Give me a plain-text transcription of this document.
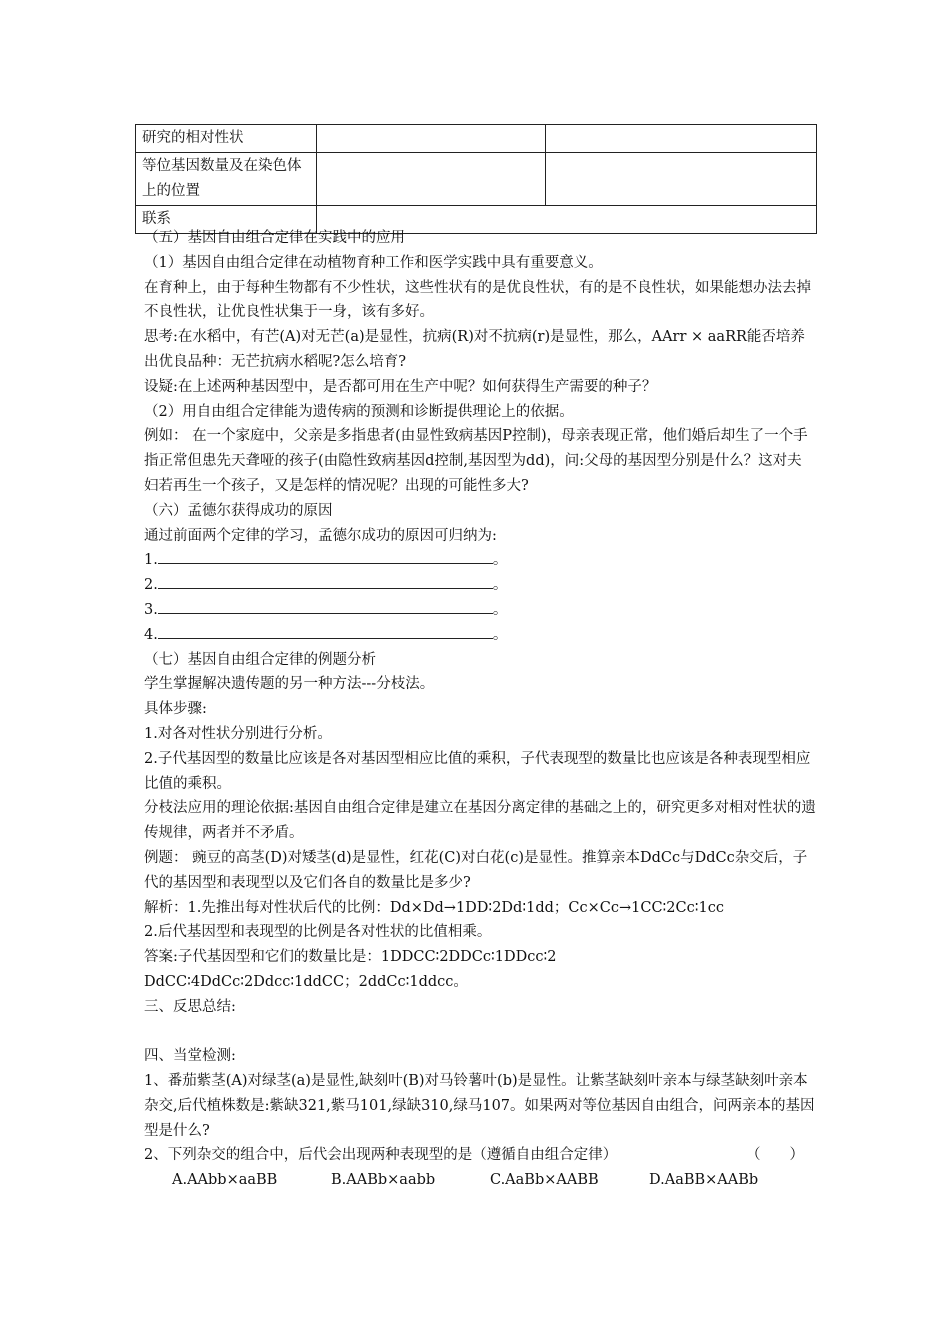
研究的相对性状		
等位基因数量及在染色体上的位置		
联系		

（五）基因自由组合定律在实践中的应用

（1）基因自由组合定律在动植物育种工作和医学实践中具有重要意义。

在育种上，由于每种生物都有不少性状，这些性状有的是优良性状，有的是不良性状，如果能想办法去掉不良性状，让优良性状集于一身，该有多好。

思考:在水稻中，有芒(A)对无芒(a)是显性，抗病(R)对不抗病(r)是显性，那么，AArr × aaRR能否培养出优良品种：无芒抗病水稻呢?怎么培育?

设疑:在上述两种基因型中，是否都可用在生产中呢？如何获得生产需要的种子？

（2）用自由组合定律能为遗传病的预测和诊断提供理论上的依据。

例如： 在一个家庭中，父亲是多指患者(由显性致病基因P控制)，母亲表现正常，他们婚后却生了一个手指正常但患先天聋哑的孩子(由隐性致病基因d控制,基因型为dd)，问:父母的基因型分别是什么？这对夫妇若再生一个孩子，又是怎样的情况呢？出现的可能性多大?

（六）孟德尔获得成功的原因

通过前面两个定律的学习，孟德尔成功的原因可归纳为:

1.	。

2.	。

3.	。

4.	。

（七）基因自由组合定律的例题分析

学生掌握解决遗传题的另一种方法---分枝法。

具体步骤:

1.对各对性状分别进行分析。

2.子代基因型的数量比应该是各对基因型相应比值的乘积，子代表现型的数量比也应该是各种表现型相应比值的乘积。

分枝法应用的理论依据:基因自由组合定律是建立在基因分离定律的基础之上的，研究更多对相对性状的遗传规律，两者并不矛盾。

例题： 豌豆的高茎(D)对矮茎(d)是显性，红花(C)对白花(c)是显性。推算亲本DdCc与DdCc杂交后，子代的基因型和表现型以及它们各自的数量比是多少?

解析：1.先推出每对性状后代的比例：Dd×Dd→1DD∶2Dd∶1dd；Cc×Cc→1CC∶2Cc∶1cc

2.后代基因型和表现型的比例是各对性状的比值相乘。

答案:子代基因型和它们的数量比是：1DDCC∶2DDCc∶1DDcc∶2

DdCC∶4DdCc∶2Ddcc∶1ddCC；2ddCc∶1ddcc。

三、反思总结:

四、当堂检测:

1、番茄紫茎(A)对绿茎(a)是显性,缺刻叶(B)对马铃薯叶(b)是显性。让紫茎缺刻叶亲本与绿茎缺刻叶亲本杂交,后代植株数是:紫缺321,紫马101,绿缺310,绿马107。如果两对等位基因自由组合，问两亲本的基因型是什么?

2、下列杂交的组合中，后代会出现两种表现型的是（遵循自由组合定律）	（　　）

A.AAbb×aaBB	B.AABb×aabb	C.AaBb×AABB	D.AaBB×AABb
